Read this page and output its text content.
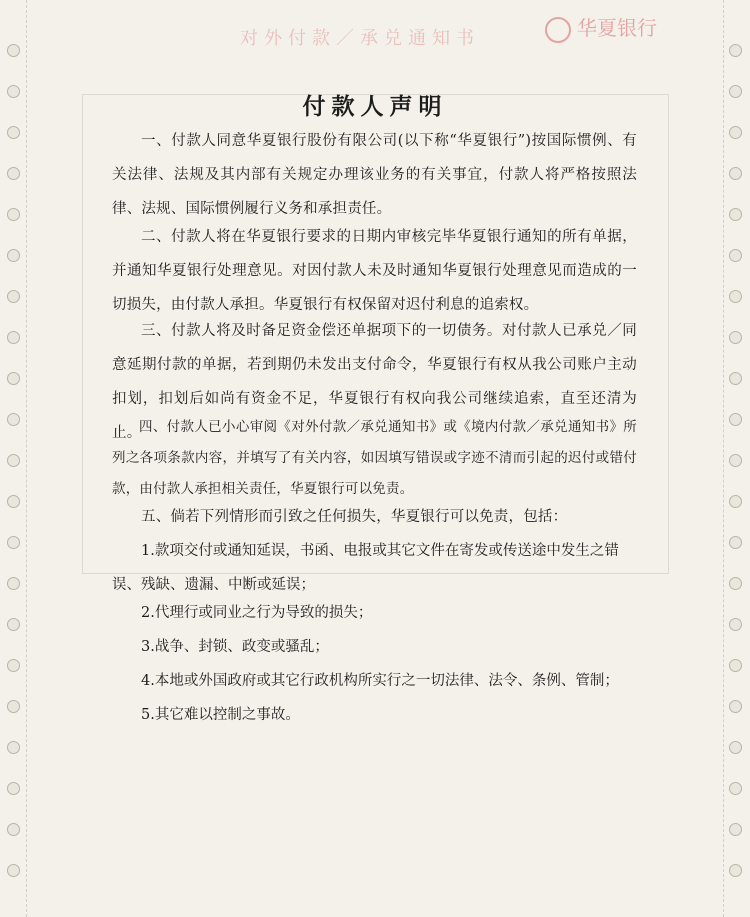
对外付款／承兑通知书	华夏银行
付款人声明
一、付款人同意华夏银行股份有限公司(以下称“华夏银行”)按国际惯例、有关法律、法规及其内部有关规定办理该业务的有关事宜，付款人将严格按照法律、法规、国际惯例履行义务和承担责任。
二、付款人将在华夏银行要求的日期内审核完毕华夏银行通知的所有单据，并通知华夏银行处理意见。对因付款人未及时通知华夏银行处理意见而造成的一切损失，由付款人承担。华夏银行有权保留对迟付利息的追索权。
三、付款人将及时备足资金偿还单据项下的一切债务。对付款人已承兑／同意延期付款的单据，若到期仍未发出支付命令，华夏银行有权从我公司账户主动扣划，扣划后如尚有资金不足，华夏银行有权向我公司继续追索，直至还清为止。
四、付款人已小心审阅《对外付款／承兑通知书》或《境内付款／承兑通知书》所列之各项条款内容，并填写了有关内容，如因填写错误或字迹不清而引起的迟付或错付款，由付款人承担相关责任，华夏银行可以免责。
五、倘若下列情形而引致之任何损失，华夏银行可以免责，包括：
1.款项交付或通知延误，书函、电报或其它文件在寄发或传送途中发生之错误、残缺、遗漏、中断或延误；
2.代理行或同业之行为导致的损失；
3.战争、封锁、政变或骚乱；
4.本地或外国政府或其它行政机构所实行之一切法律、法令、条例、管制；
5.其它难以控制之事故。
